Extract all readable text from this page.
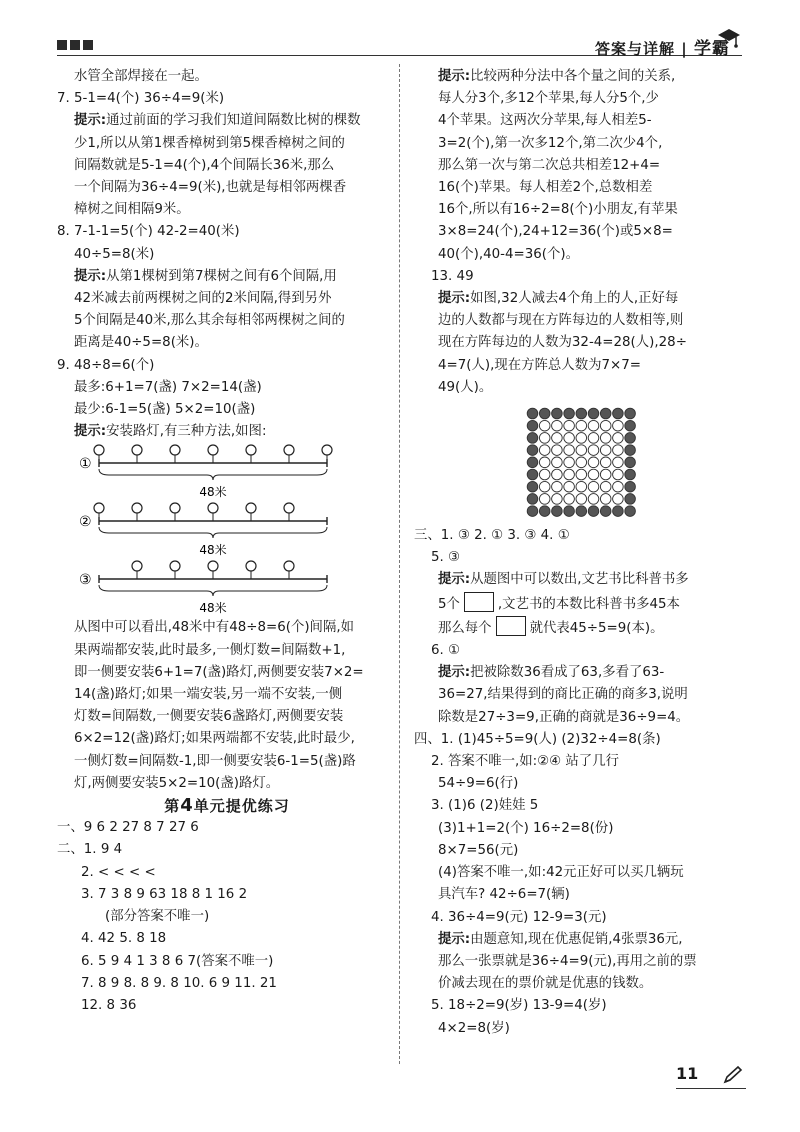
答案与详解 | 学霸
水管全部焊接在一起。
7. 5-1=4(个) 36÷4=9(米)
提示:通过前面的学习我们知道间隔数比树的棵数
少1,所以从第1棵香樟树到第5棵香樟树之间的
间隔数就是5-1=4(个),4个间隔长36米,那么
一个间隔为36÷4=9(米),也就是每相邻两棵香
樟树之间相隔9米。
8. 7-1-1=5(个) 42-2=40(米)
40÷5=8(米)
提示:从第1棵树到第7棵树之间有6个间隔,用
42米减去前两棵树之间的2米间隔,得到另外
5个间隔是40米,那么其余每相邻两棵树之间的
距离是40÷5=8(米)。
9. 48÷8=6(个)
最多:6+1=7(盏) 7×2=14(盏)
最少:6-1=5(盏) 5×2=10(盏)
提示:安装路灯,有三种方法,如图:
①
48米
②
48米
③
48米
从图中可以看出,48米中有48÷8=6(个)间隔,如
果两端都安装,此时最多,一侧灯数=间隔数+1,
即一侧要安装6+1=7(盏)路灯,两侧要安装7×2=
14(盏)路灯;如果一端安装,另一端不安装,一侧
灯数=间隔数,一侧要安装6盏路灯,两侧要安装
6×2=12(盏)路灯;如果两端都不安装,此时最少,
一侧灯数=间隔数-1,即一侧要安装6-1=5(盏)路
灯,两侧要安装5×2=10(盏)路灯。
第4单元提优练习
一、9 6 2 27 8 7 27 6
二、1. 9 4
2. < < < <
3. 7 3 8 9 63 18 8 1 16 2
(部分答案不唯一)
4. 42 5. 8 18
6. 5 9 4 1 3 8 6 7(答案不唯一)
7. 8 9 8. 8 9. 8 10. 6 9 11. 21
12. 8 36
提示:比较两种分法中各个量之间的关系,
每人分3个,多12个苹果,每人分5个,少
4个苹果。这两次分苹果,每人相差5-
3=2(个),第一次多12个,第二次少4个,
那么第一次与第二次总共相差12+4=
16(个)苹果。每人相差2个,总数相差
16个,所以有16÷2=8(个)小朋友,有苹果
3×8=24(个),24+12=36(个)或5×8=
40(个),40-4=36(个)。
13. 49
提示:如图,32人减去4个角上的人,正好每
边的人数都与现在方阵每边的人数相等,则
现在方阵每边的人数为32-4=28(人),28÷
4=7(人),现在方阵总人数为7×7=
49(人)。
三、1. ③ 2. ① 3. ③ 4. ①
5. ③
提示:从题图中可以数出,文艺书比科普书多
5个	,文艺书的本数比科普书多45本
那么每个	就代表45÷5=9(本)。
6. ①
提示:把被除数36看成了63,多看了63-
36=27,结果得到的商比正确的商多3,说明
除数是27÷3=9,正确的商就是36÷9=4。
四、1. (1)45÷5=9(人) (2)32÷4=8(条)
2. 答案不唯一,如:②④ 站了几行
54÷9=6(行)
3. (1)6 (2)娃娃 5
(3)1+1=2(个) 16÷2=8(份)
8×7=56(元)
(4)答案不唯一,如:42元正好可以买几辆玩
具汽车? 42÷6=7(辆)
4. 36÷4=9(元) 12-9=3(元)
提示:由题意知,现在优惠促销,4张票36元,
那么一张票就是36÷4=9(元),再用之前的票
价减去现在的票价就是优惠的钱数。
5. 18÷2=9(岁) 13-9=4(岁)
4×2=8(岁)
11
